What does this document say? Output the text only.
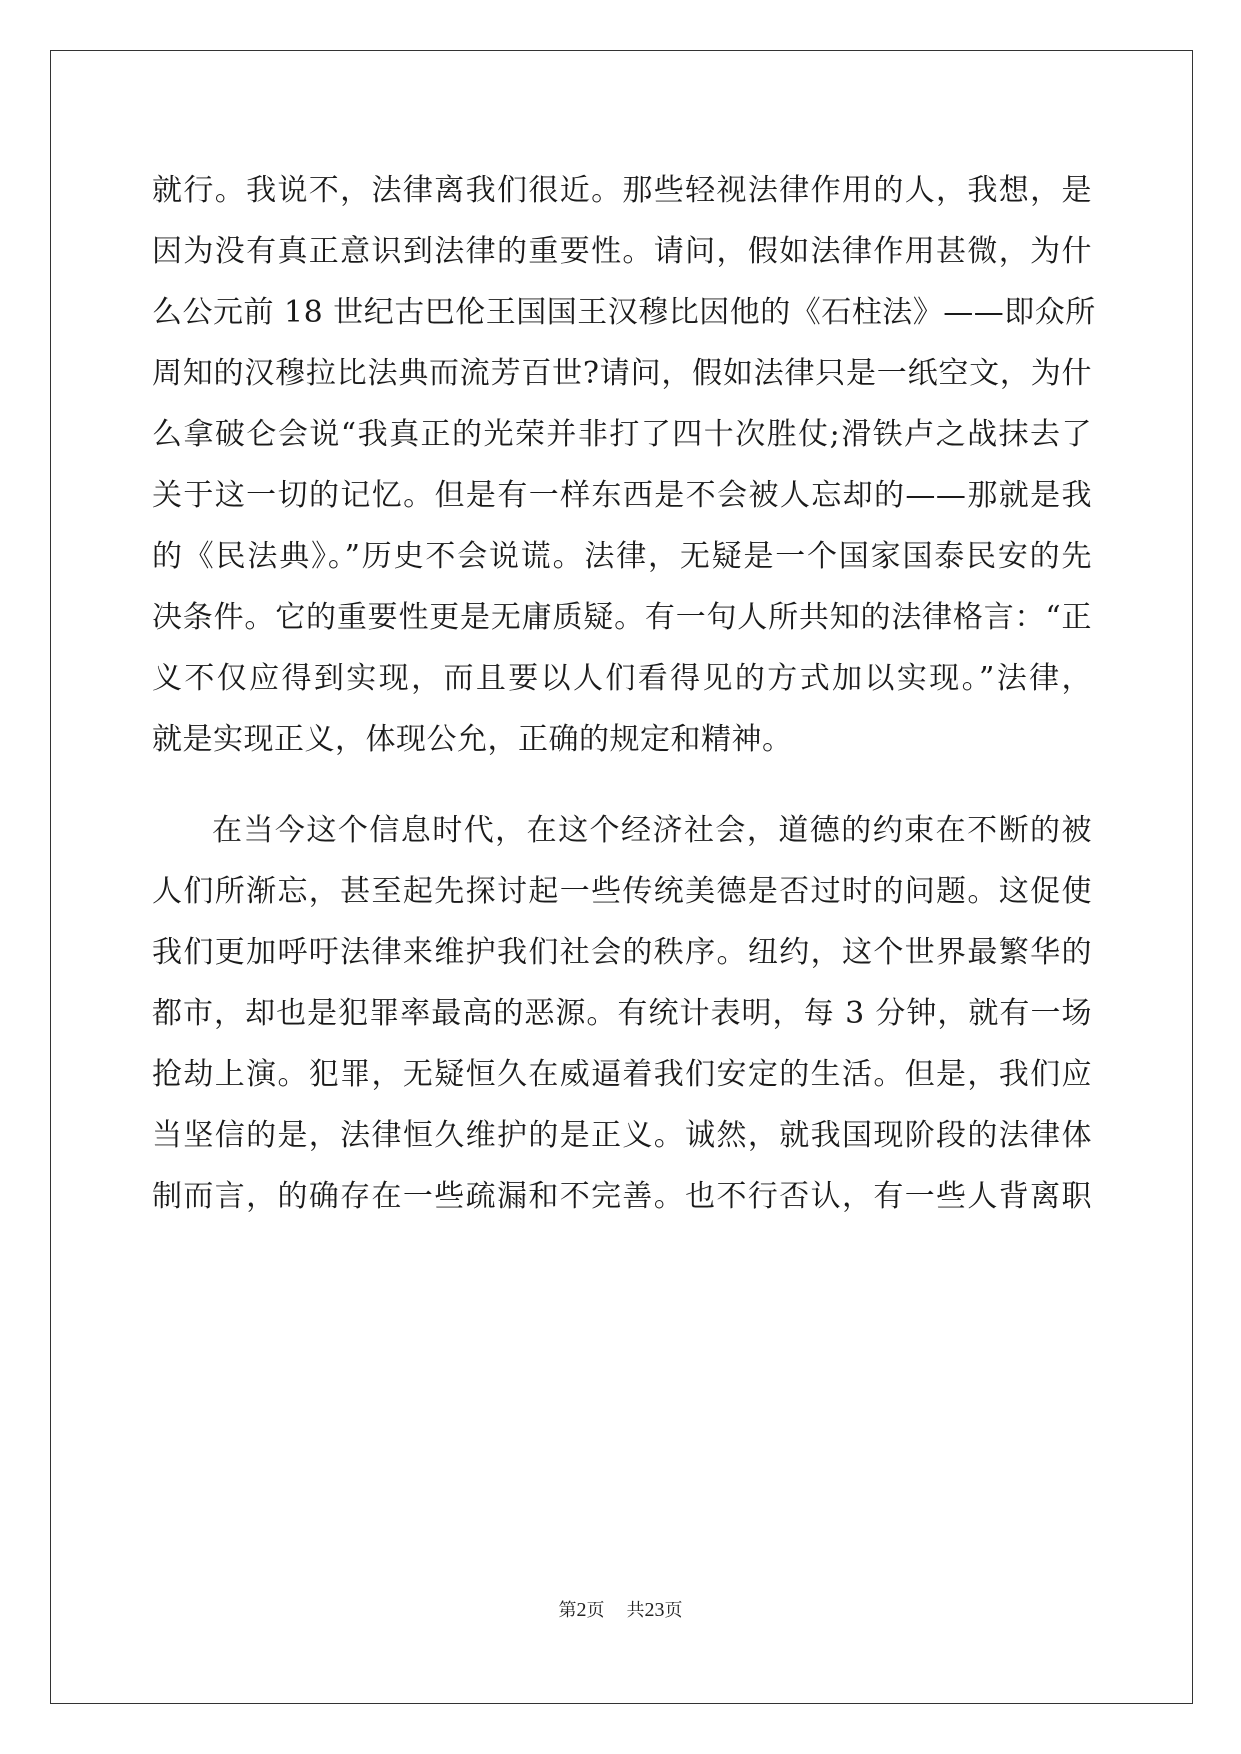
就行。我说不，法律离我们很近。那些轻视法律作用的人，我想，是
因为没有真正意识到法律的重要性。请问，假如法律作用甚微，为什
么公元前 18 世纪古巴伦王国国王汉穆比因他的《石柱法》——即众所
周知的汉穆拉比法典而流芳百世?请问，假如法律只是一纸空文，为什
么拿破仑会说“我真正的光荣并非打了四十次胜仗;滑铁卢之战抹去了
关于这一切的记忆。但是有一样东西是不会被人忘却的——那就是我
的《民法典》。”历史不会说谎。法律，无疑是一个国家国泰民安的先
决条件。它的重要性更是无庸质疑。有一句人所共知的法律格言：“正
义不仅应得到实现，而且要以人们看得见的方式加以实现。”法律，
就是实现正义，体现公允，正确的规定和精神。
在当今这个信息时代，在这个经济社会，道德的约束在不断的被
人们所渐忘，甚至起先探讨起一些传统美德是否过时的问题。这促使
我们更加呼吁法律来维护我们社会的秩序。纽约，这个世界最繁华的
都市，却也是犯罪率最高的恶源。有统计表明，每 3 分钟，就有一场
抢劫上演。犯罪，无疑恒久在威逼着我们安定的生活。但是，我们应
当坚信的是，法律恒久维护的是正义。诚然，就我国现阶段的法律体
制而言，的确存在一些疏漏和不完善。也不行否认，有一些人背离职
第2页 共23页
